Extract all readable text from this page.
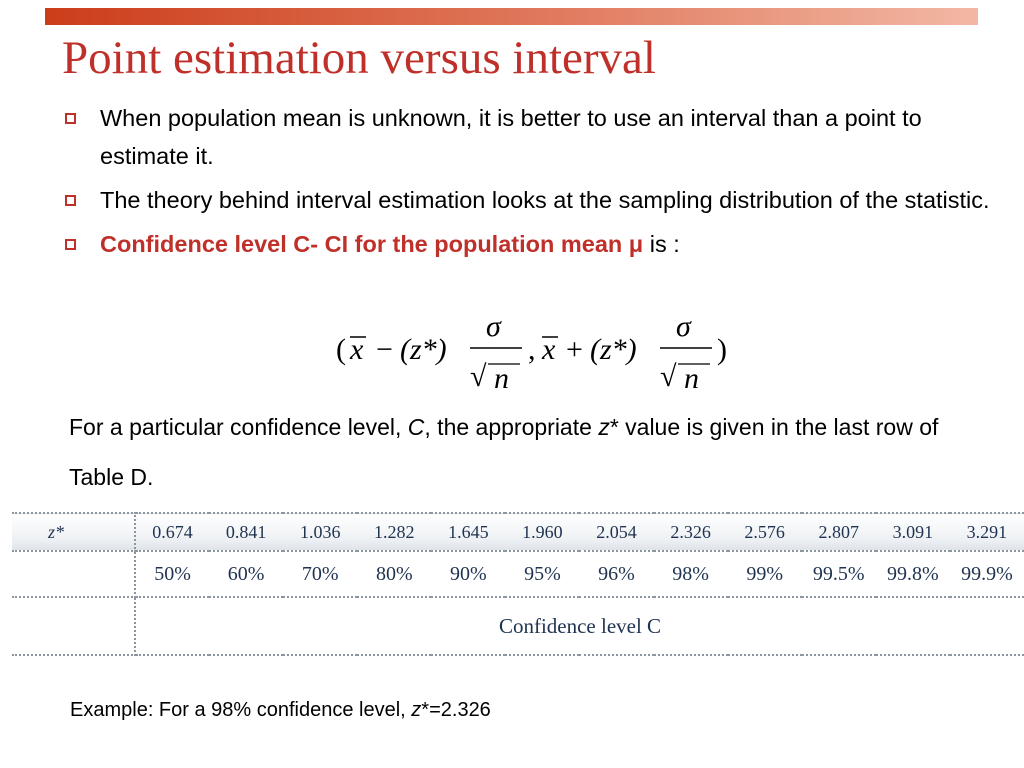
Point estimation versus interval
When population mean is unknown, it is better to use an interval than a point to estimate it.
The theory behind interval estimation looks at the sampling distribution of the statistic.
Confidence level C- CI for the population mean μ is :
( x − (z*)
σ
√ n
, x + (z*)
σ
√ n
)

For a particular confidence level, C, the appropriate z* value is given in the last row of Table D.

z*	0.674	0.841	1.036	1.282	1.645	1.960	2.054	2.326	2.576	2.807	3.091	3.291
	50%	60%	70%	80%	90%	95%	96%	98%	99%	99.5%	99.8%	99.9%
	Confidence level C											

Example: For a 98% confidence level, z*=2.326
